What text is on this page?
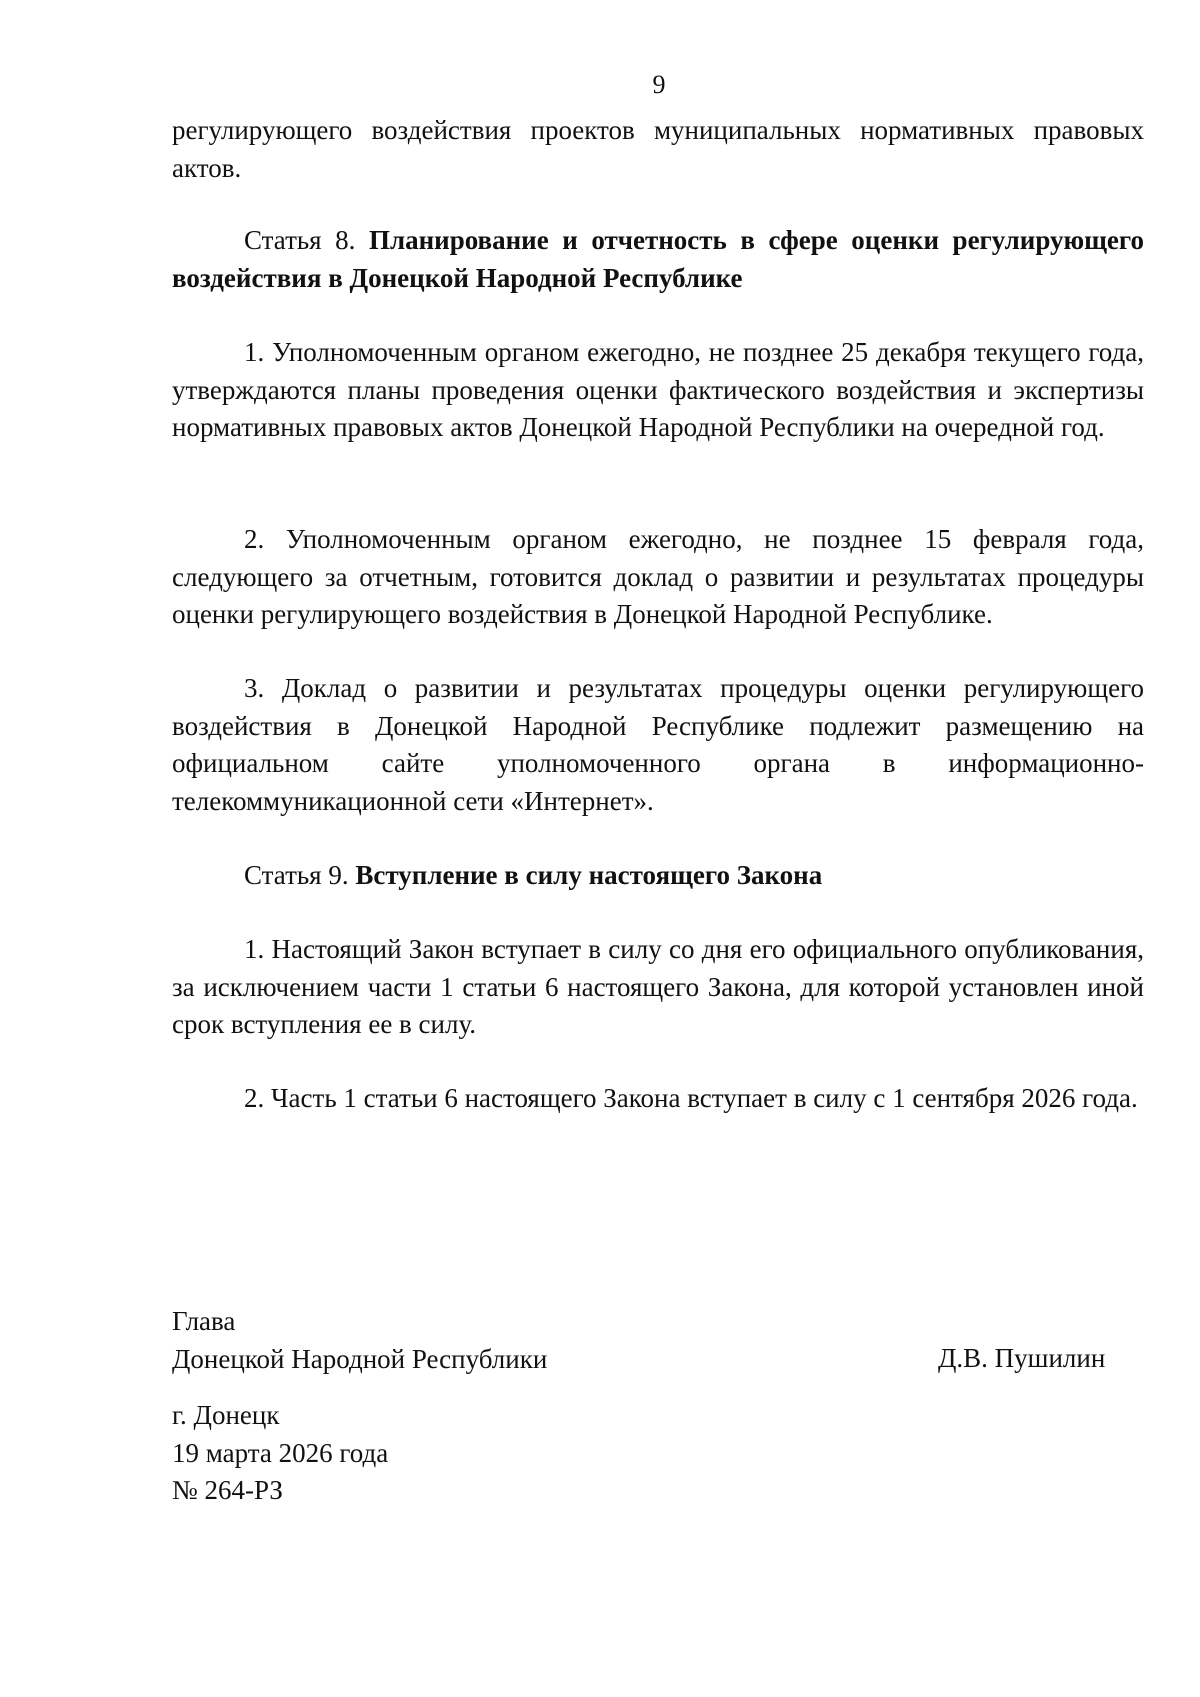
9

регулирующего воздействия проектов муниципальных нормативных правовых актов.

Статья 8. Планирование и отчетность в сфере оценки регулирующего воздействия в Донецкой Народной Республике

1. Уполномоченным органом ежегодно, не позднее 25 декабря текущего года, утверждаются планы проведения оценки фактического воздействия и экспертизы нормативных правовых актов Донецкой Народной Республики на очередной год.

2. Уполномоченным органом ежегодно, не позднее 15 февраля года, следующего за отчетным, готовится доклад о развитии и результатах процедуры оценки регулирующего воздействия в Донецкой Народной Республике.

3. Доклад о развитии и результатах процедуры оценки регулирующего воздействия в Донецкой Народной Республике подлежит размещению на официальном сайте уполномоченного органа в информационно-телекоммуникационной сети «Интернет».

Статья 9. Вступление в силу настоящего Закона

1. Настоящий Закон вступает в силу со дня его официального опубликования, за исключением части 1 статьи 6 настоящего Закона, для которой установлен иной срок вступления ее в силу.

2. Часть 1 статьи 6 настоящего Закона вступает в силу с 1 сентября 2026 года.

Глава
Донецкой Народной Республики	Д.В. Пушилин
г. Донецк
19 марта 2026 года
№ 264-РЗ
